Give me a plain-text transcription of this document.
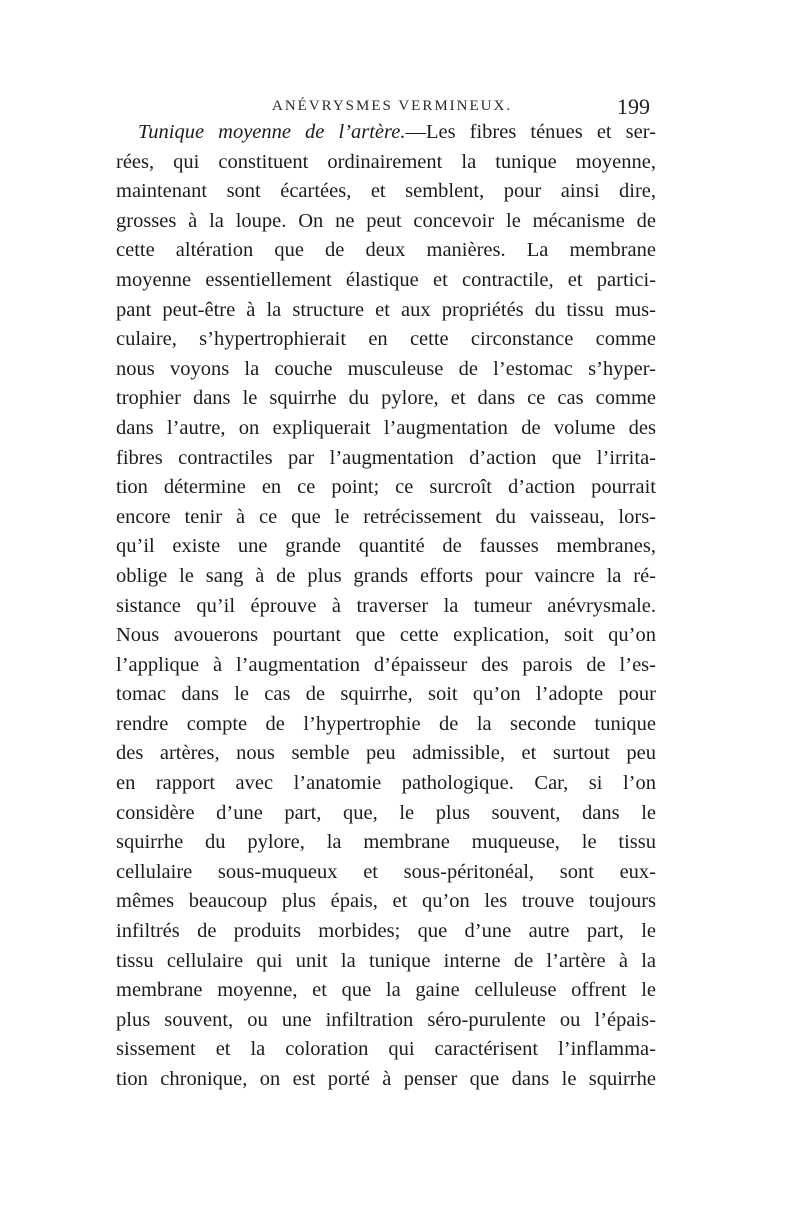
ANÉVRYSMES VERMINEUX.	199
Tunique moyenne de l’artère.—Les fibres ténues et ser-
rées, qui constituent ordinairement la tunique moyenne,
maintenant sont écartées, et semblent, pour ainsi dire,
grosses à la loupe. On ne peut concevoir le mécanisme de
cette altération que de deux manières. La membrane
moyenne essentiellement élastique et contractile, et partici-
pant peut-être à la structure et aux propriétés du tissu mus-
culaire, s’hypertrophierait en cette circonstance comme
nous voyons la couche musculeuse de l’estomac s’hyper-
trophier dans le squirrhe du pylore, et dans ce cas comme
dans l’autre, on expliquerait l’augmentation de volume des
fibres contractiles par l’augmentation d’action que l’irrita-
tion détermine en ce point; ce surcroît d’action pourrait
encore tenir à ce que le retrécissement du vaisseau, lors-
qu’il existe une grande quantité de fausses membranes,
oblige le sang à de plus grands efforts pour vaincre la ré-
sistance qu’il éprouve à traverser la tumeur anévrysmale.
Nous avouerons pourtant que cette explication, soit qu’on
l’applique à l’augmentation d’épaisseur des parois de l’es-
tomac dans le cas de squirrhe, soit qu’on l’adopte pour
rendre compte de l’hypertrophie de la seconde tunique
des artères, nous semble peu admissible, et surtout peu
en rapport avec l’anatomie pathologique. Car, si l’on
considère d’une part, que, le plus souvent, dans le
squirrhe du pylore, la membrane muqueuse, le tissu
cellulaire sous-muqueux et sous-péritonéal, sont eux-
mêmes beaucoup plus épais, et qu’on les trouve toujours
infiltrés de produits morbides; que d’une autre part, le
tissu cellulaire qui unit la tunique interne de l’artère à la
membrane moyenne, et que la gaine celluleuse offrent le
plus souvent, ou une infiltration séro-purulente ou l’épais-
sissement et la coloration qui caractérisent l’inflamma-
tion chronique, on est porté à penser que dans le squirrhe
